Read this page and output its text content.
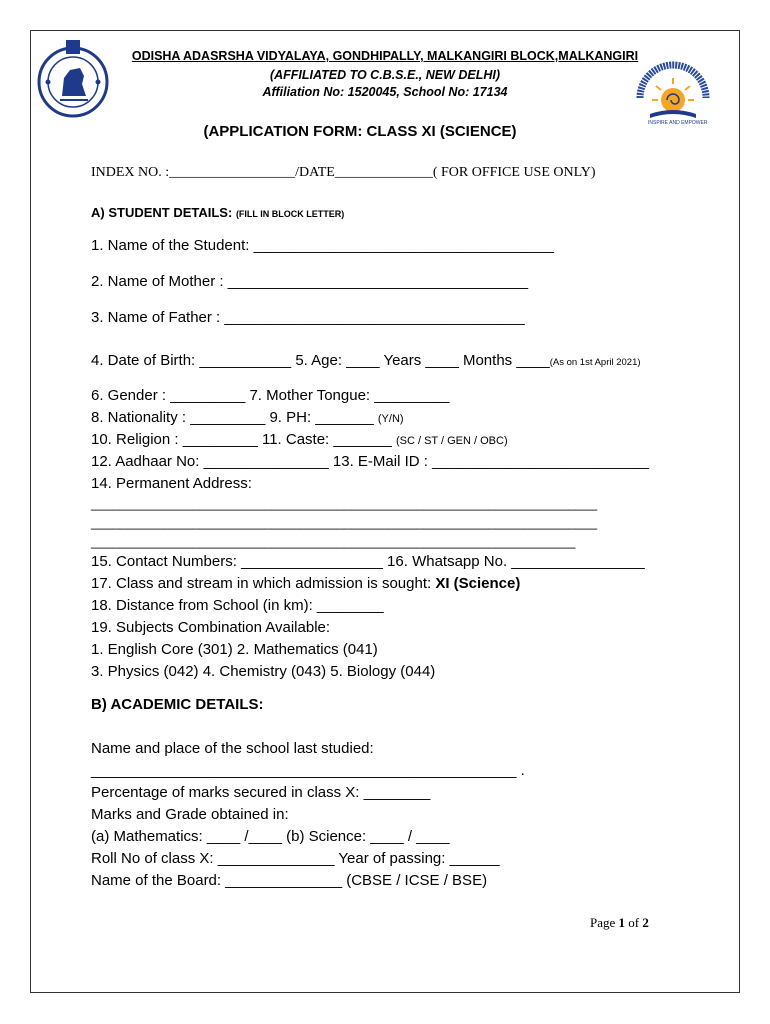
INSPIRE AND EMPOWER
ODISHA ADASRSHA VIDYALAYA, GONDHIPALLY, MALKANGIRI BLOCK,MALKANGIRI
(AFFILIATED TO C.B.S.E., NEW DELHI)
Affiliation No: 1520045, School No: 17134
(APPLICATION FORM: CLASS XI (SCIENCE)
INDEX NO. :__________________/DATE______________( FOR OFFICE USE ONLY)
A) STUDENT DETAILS: (FILL IN BLOCK LETTER)
1. Name of the Student: ____________________________________
2. Name of Mother : ____________________________________
3. Name of Father : ____________________________________
4. Date of Birth: ___________ 5. Age: ____ Years ____ Months ____(As on 1st April 2021)
6. Gender : _________ 7. Mother Tongue: _________
8. Nationality : _________ 9. PH: _______ (Y/N)
10. Religion : _________ 11. Caste: _______ (SC / ST / GEN / OBC)
12. Aadhaar No: _______________ 13. E-Mail ID : __________________________
14. Permanent Address:
______________________________________________________________________
______________________________________________________________________
___________________________________________________________________
15. Contact Numbers: _________________ 16. Whatsapp No. ________________
17. Class and stream in which admission is sought: XI (Science)
18. Distance from School (in km): ________
19. Subjects Combination Available:
1. English Core (301) 2. Mathematics (041)
3. Physics (042) 4. Chemistry (043) 5. Biology (044)
B) ACADEMIC DETAILS:
Name and place of the school last studied:
___________________________________________________ .
Percentage of marks secured in class X: ________
Marks and Grade obtained in:
(a) Mathematics: ____ /____ (b) Science: ____ / ____
Roll No of class X: ______________ Year of passing: ______
Name of the Board: ______________ (CBSE / ICSE / BSE)
Page 1 of 2
